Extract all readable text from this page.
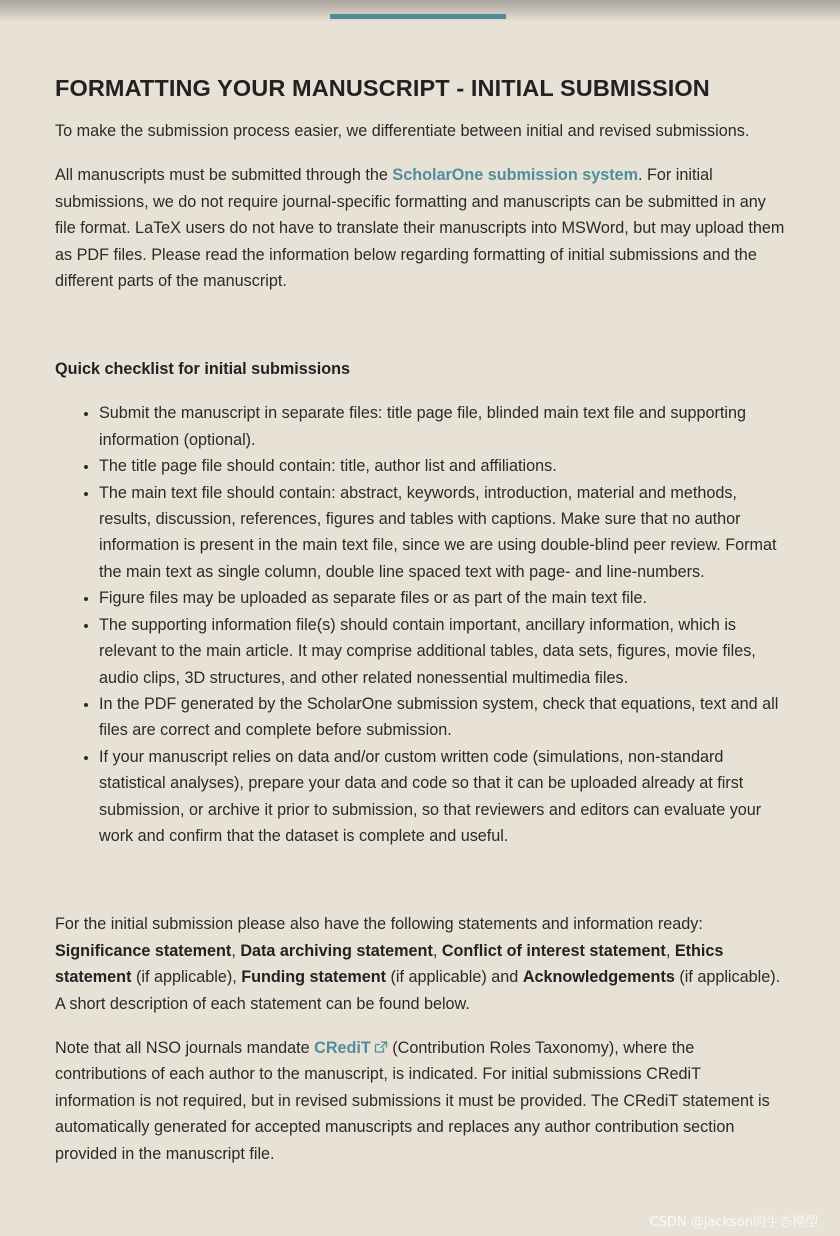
FORMATTING YOUR MANUSCRIPT - INITIAL SUBMISSION

To make the submission process easier, we differentiate between initial and revised submissions.

All manuscripts must be submitted through the ScholarOne submission system. For initial submissions, we do not require journal-specific formatting and manuscripts can be submitted in any file format. LaTeX users do not have to translate their manuscripts into MSWord, but may upload them as PDF files. Please read the information below regarding formatting of initial submissions and the different parts of the manuscript.

Quick checklist for initial submissions
• Submit the manuscript in separate files: title page file, blinded main text file and supporting information (optional).
• The title page file should contain: title, author list and affiliations.
• The main text file should contain: abstract, keywords, introduction, material and methods, results, discussion, references, figures and tables with captions. Make sure that no author information is present in the main text file, since we are using double-blind peer review. Format the main text as single column, double line spaced text with page- and line-numbers.
• Figure files may be uploaded as separate files or as part of the main text file.
• The supporting information file(s) should contain important, ancillary information, which is relevant to the main article. It may comprise additional tables, data sets, figures, movie files, audio clips, 3D structures, and other related nonessential multimedia files.
• In the PDF generated by the ScholarOne submission system, check that equations, text and all files are correct and complete before submission.
• If your manuscript relies on data and/or custom written code (simulations, non-standard statistical analyses), prepare your data and code so that it can be uploaded already at first submission, or archive it prior to submission, so that reviewers and editors can evaluate your work and confirm that the dataset is complete and useful.

For the initial submission please also have the following statements and information ready: Significance statement, Data archiving statement, Conflict of interest statement, Ethics statement (if applicable), Funding statement (if applicable) and Acknowledgements (if applicable). A short description of each statement can be found below.

Note that all NSO journals mandate CRediT (Contribution Roles Taxonomy), where the contributions of each author to the manuscript, is indicated. For initial submissions CRediT information is not required, but in revised submissions it must be provided. The CRediT statement is automatically generated for accepted manuscripts and replaces any author contribution section provided in the manuscript file.

CSDN @jackson的生态模型
